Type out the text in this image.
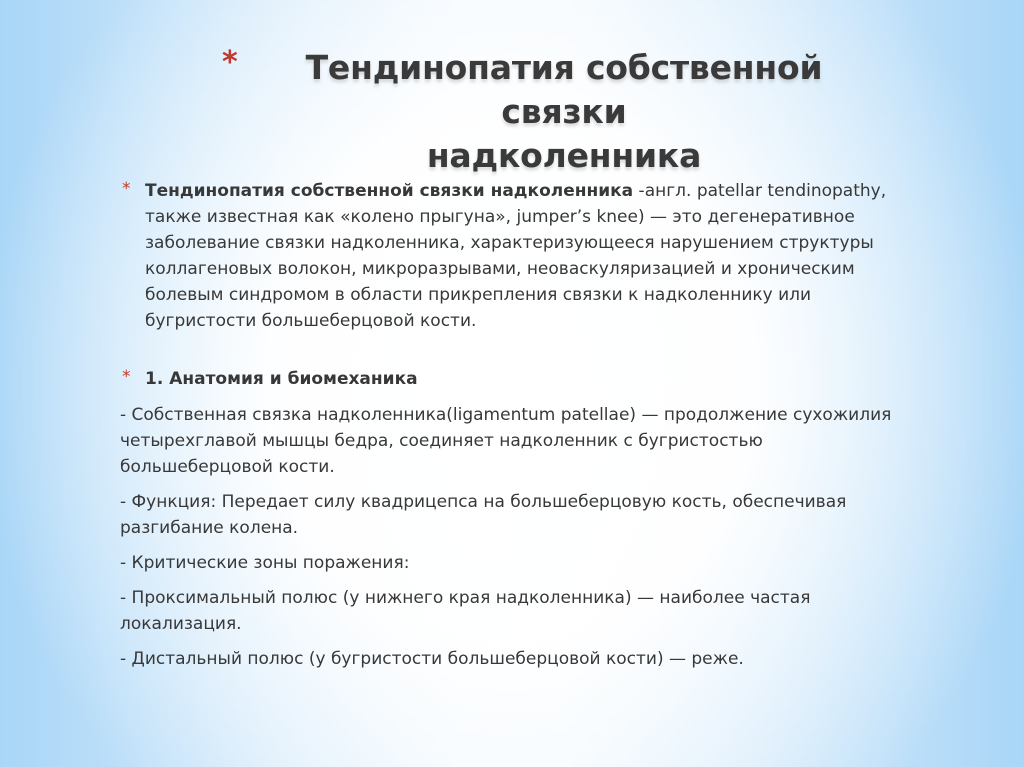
*	Тендинопатия собственной связки
надколенника
* Тендинопатия собственной связки надколенника -англ. patellar tendinopathy,
также известная как «колено прыгуна», jumper’s knee) — это дегенеративное
заболевание связки надколенника, характеризующееся нарушением структуры
коллагеновых волокон, микроразрывами, неоваскуляризацией и хроническим
болевым синдромом в области прикрепления связки к надколеннику или
бугристости большеберцовой кости.

* 1. Анатомия и биомеханика

- Собственная связка надколенника(ligamentum patellae) — продолжение сухожилия
четырехглавой мышцы бедра, соединяет надколенник с бугристостью
большеберцовой кости.

- Функция: Передает силу квадрицепса на большеберцовую кость, обеспечивая
разгибание колена.

- Критические зоны поражения:

- Проксимальный полюс (у нижнего края надколенника) — наиболее частая
локализация.

- Дистальный полюс (у бугристости большеберцовой кости) — реже.
